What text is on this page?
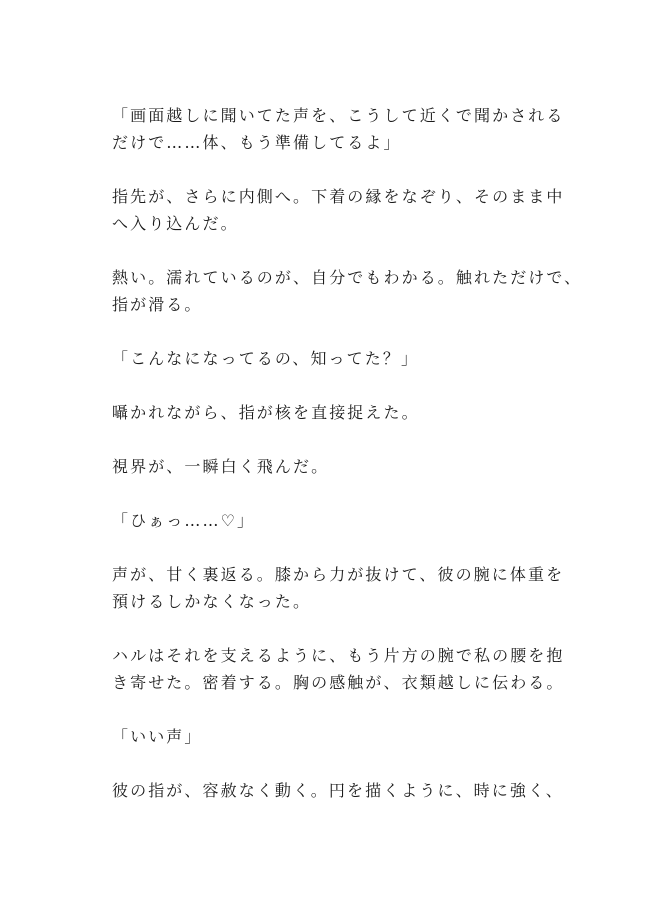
「画面越しに聞いてた声を、こうして近くで聞かされる
だけで……体、もう準備してるよ」

指先が、さらに内側へ。下着の縁をなぞり、そのまま中
へ入り込んだ。

熱い。濡れているのが、自分でもわかる。触れただけで、
指が滑る。

「こんなになってるの、知ってた？」

囁かれながら、指が核を直接捉えた。

視界が、一瞬白く飛んだ。

「ひぁっ……♡」

声が、甘く裏返る。膝から力が抜けて、彼の腕に体重を
預けるしかなくなった。

ハルはそれを支えるように、もう片方の腕で私の腰を抱
き寄せた。密着する。胸の感触が、衣類越しに伝わる。

「いい声」

彼の指が、容赦なく動く。円を描くように、時に強く、
